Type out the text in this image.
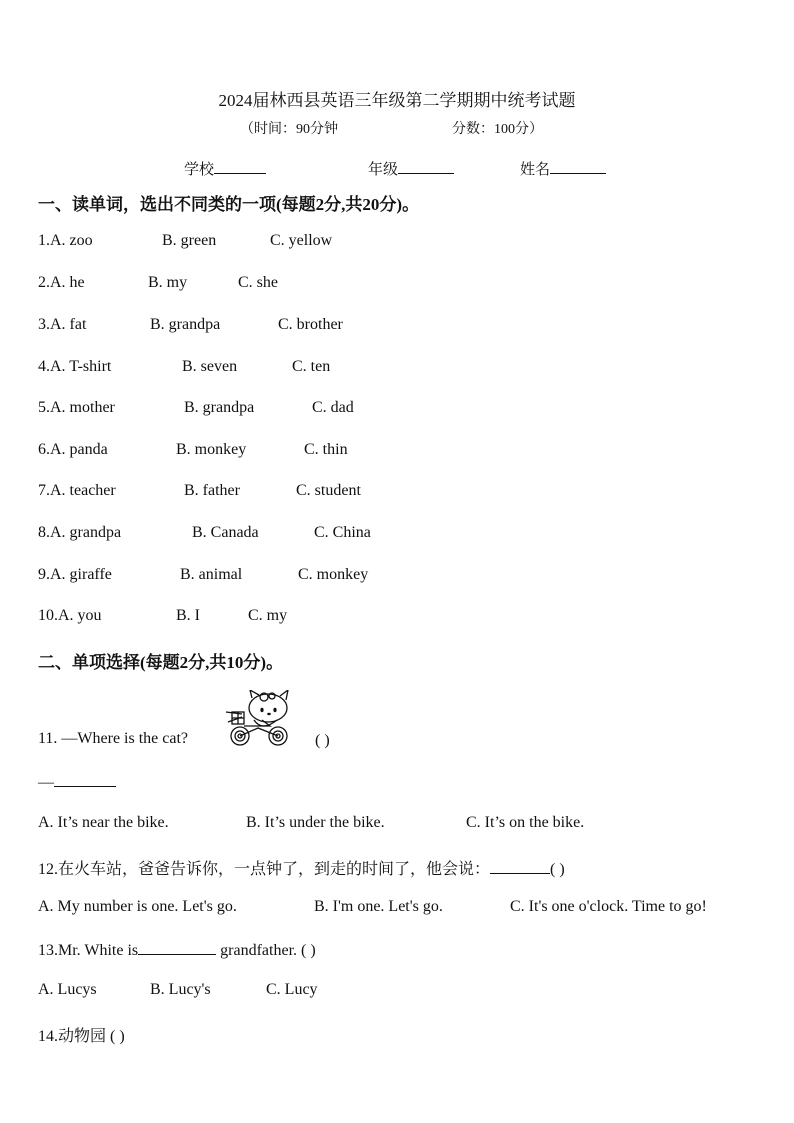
2024届林西县英语三年级第二学期期中统考试题
（时间：90分钟	分数：100分）
学校	年级	姓名
一、读单词，选出不同类的一项(每题2分,共20分)。
1.A. zoo	B. green	C. yellow
2.A. he	B. my	C. she
3.A. fat	B. grandpa	C. brother
4.A. T-shirt	B. seven	C. ten
5.A. mother	B. grandpa	C. dad
6.A. panda	B. monkey	C. thin
7.A. teacher	B. father	C. student
8.A. grandpa	B. Canada	C. China
9.A. giraffe	B. animal	C. monkey
10.A. you	B. I	C. my
二、单项选择(每题2分,共10分)。
11. —Where is the cat?	( )
—
A. It’s near the bike.	B. It’s under the bike.	C. It’s on the bike.
12.在火车站，爸爸告诉你，一点钟了，到走的时间了，他会说：	( )
A. My number is one. Let's go.	B. I'm one. Let's go.	C. It's one o'clock. Time to go!
13.Mr. White is	grandfather. ( )
A. Lucys	B. Lucy's	C. Lucy
14.动物园 ( )
